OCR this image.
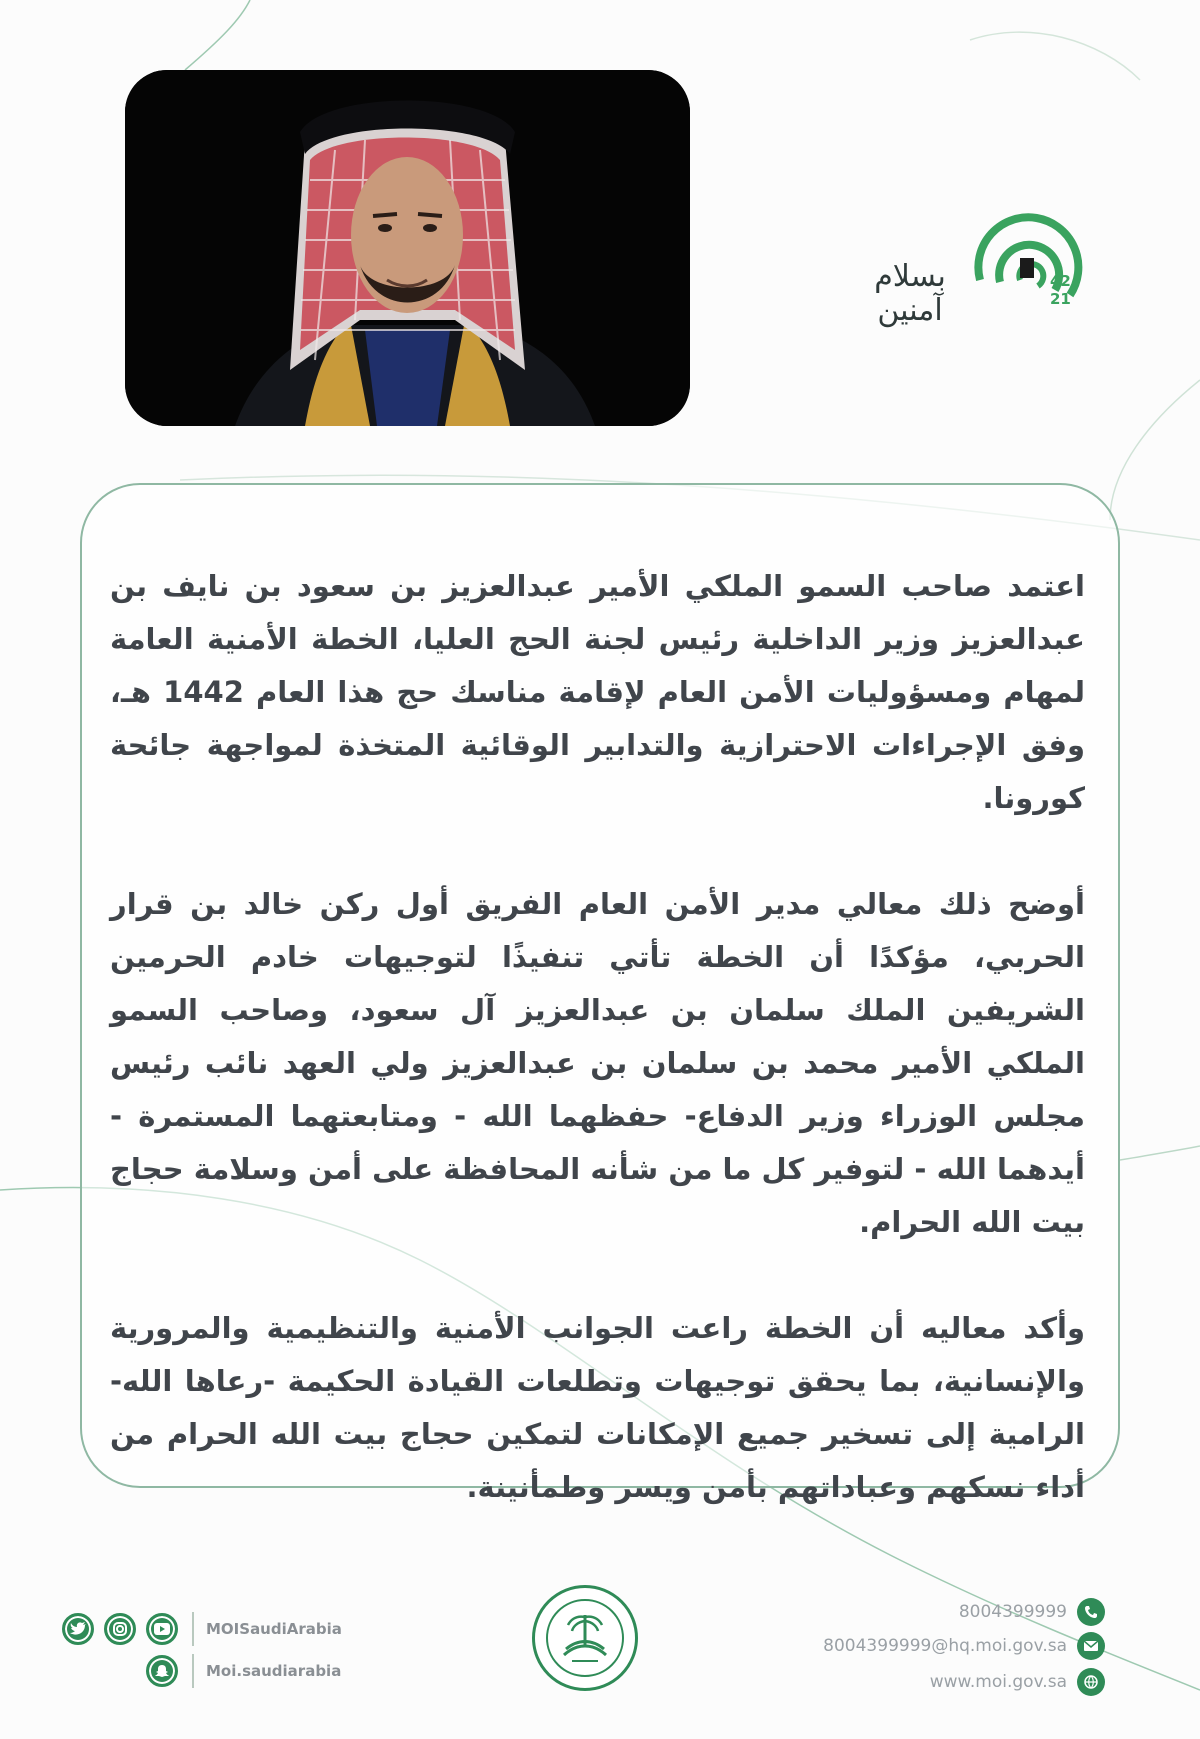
بسلام
آمنين
42
21

اعتمد صاحب السمو الملكي الأمير عبدالعزيز بن سعود بن نايف بن عبدالعزيز وزير الداخلية رئيس لجنة الحج العليا، الخطة الأمنية العامة لمهام ومسؤوليات الأمن العام لإقامة مناسك حج هذا العام 1442 هـ، وفق الإجراءات الاحترازية والتدابير الوقائية المتخذة لمواجهة جائحة كورونا.

أوضح ذلك معالي مدير الأمن العام الفريق أول ركن خالد بن قرار الحربي، مؤكدًا أن الخطة تأتي تنفيذًا لتوجيهات خادم الحرمين الشريفين الملك سلمان بن عبدالعزيز آل سعود، وصاحب السمو الملكي الأمير محمد بن سلمان بن عبدالعزيز ولي العهد نائب رئيس مجلس الوزراء وزير الدفاع- حفظهما الله - ومتابعتهما المستمرة - أيدهما الله - لتوفير كل ما من شأنه المحافظة على أمن وسلامة حجاج بيت الله الحرام.

وأكد معاليه أن الخطة راعت الجوانب الأمنية والتنظيمية والمرورية والإنسانية، بما يحقق توجيهات وتطلعات القيادة الحكيمة -رعاها الله- الرامية إلى تسخير جميع الإمكانات لتمكين حجاج بيت الله الحرام من أداء نسكهم وعباداتهم بأمن ويسر وطمأنينة.

MOISaudiArabia
Moi.saudiarabia
8004399999
8004399999@hq.moi.gov.sa
www.moi.gov.sa
